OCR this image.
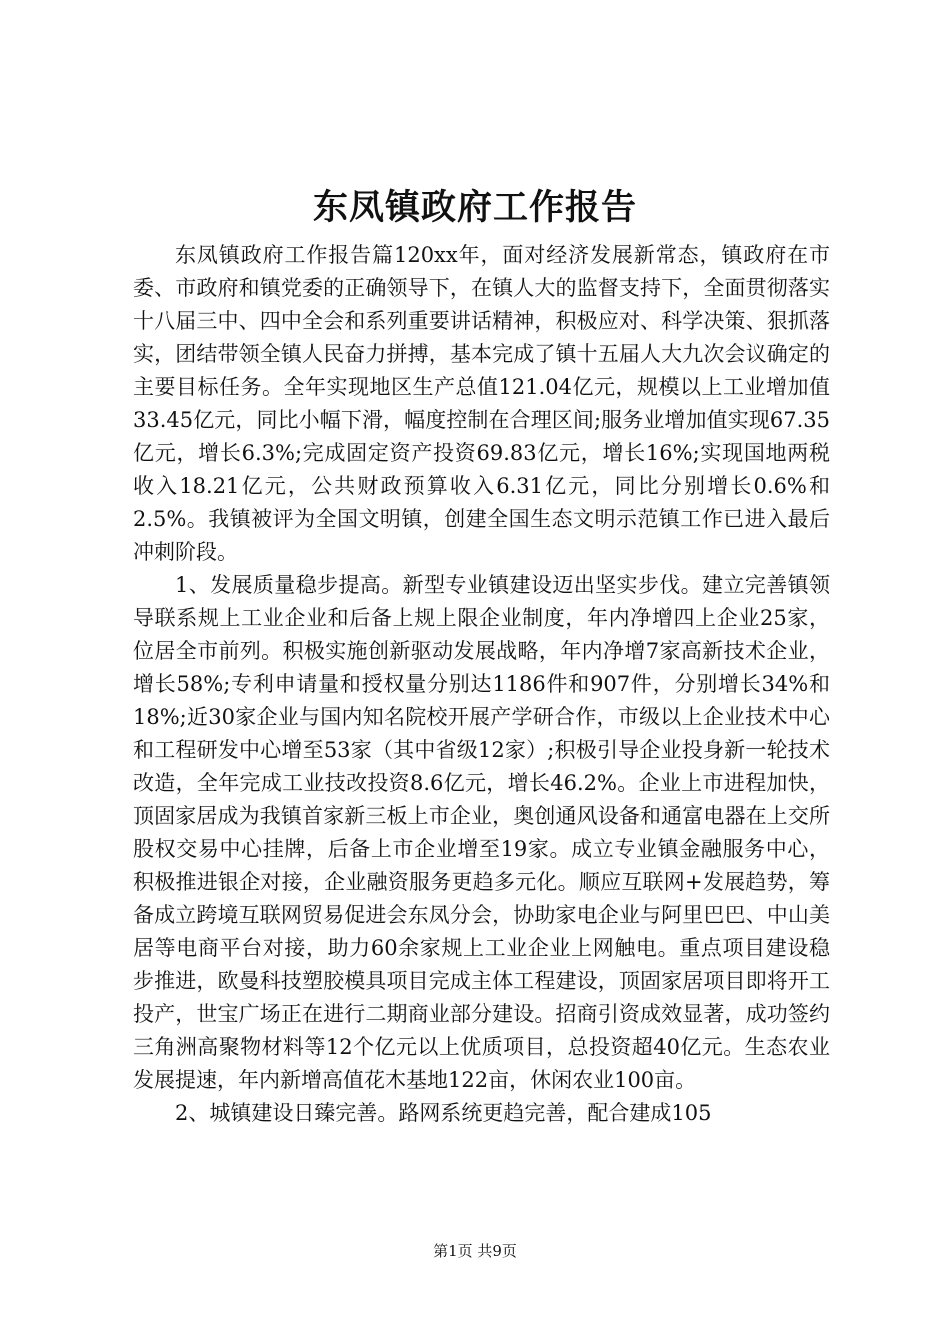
东凤镇政府工作报告

东凤镇政府工作报告篇120xx年，面对经济发展新常态，镇政府在市委、市政府和镇党委的正确领导下，在镇人大的监督支持下，全面贯彻落实十八届三中、四中全会和系列重要讲话精神，积极应对、科学决策、狠抓落实，团结带领全镇人民奋力拼搏，基本完成了镇十五届人大九次会议确定的主要目标任务。全年实现地区生产总值121.04亿元，规模以上工业增加值33.45亿元，同比小幅下滑，幅度控制在合理区间;服务业增加值实现67.35亿元，增长6.3%;完成固定资产投资69.83亿元，增长16%;实现国地两税收入18.21亿元，公共财政预算收入6.31亿元，同比分别增长0.6%和2.5%。我镇被评为全国文明镇，创建全国生态文明示范镇工作已进入最后冲刺阶段。

1、发展质量稳步提高。新型专业镇建设迈出坚实步伐。建立完善镇领导联系规上工业企业和后备上规上限企业制度，年内净增四上企业25家，位居全市前列。积极实施创新驱动发展战略，年内净增7家高新技术企业，增长58%;专利申请量和授权量分别达1186件和907件，分别增长34%和18%;近30家企业与国内知名院校开展产学研合作，市级以上企业技术中心和工程研发中心增至53家（其中省级12家）;积极引导企业投身新一轮技术改造，全年完成工业技改投资8.6亿元，增长46.2%。企业上市进程加快，顶固家居成为我镇首家新三板上市企业，奥创通风设备和通富电器在上交所股权交易中心挂牌，后备上市企业增至19家。成立专业镇金融服务中心，积极推进银企对接，企业融资服务更趋多元化。顺应互联网+发展趋势，筹备成立跨境互联网贸易促进会东凤分会，协助家电企业与阿里巴巴、中山美居等电商平台对接，助力60余家规上工业企业上网触电。重点项目建设稳步推进，欧曼科技塑胶模具项目完成主体工程建设，顶固家居项目即将开工投产，世宝广场正在进行二期商业部分建设。招商引资成效显著，成功签约三角洲高聚物材料等12个亿元以上优质项目，总投资超40亿元。生态农业发展提速，年内新增高值花木基地122亩，休闲农业100亩。

2、城镇建设日臻完善。路网系统更趋完善，配合建成105

第1页 共9页
